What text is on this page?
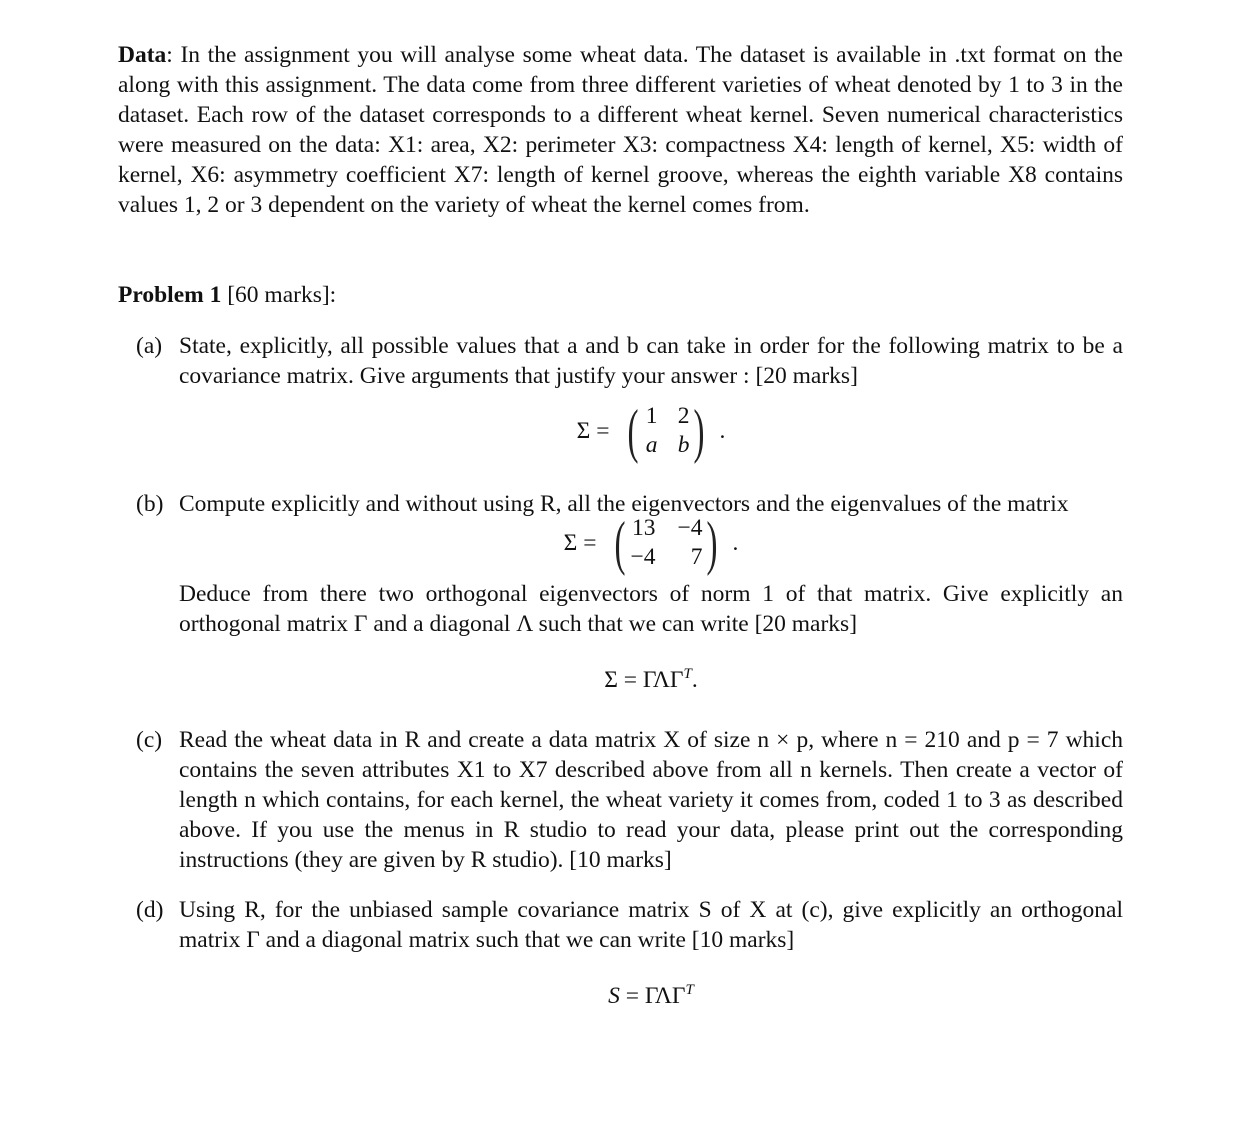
Data: In the assignment you will analyse some wheat data. The dataset is available in .txt format on the along with this assignment. The data come from three different varieties of wheat denoted by 1 to 3 in the dataset. Each row of the dataset corresponds to a different wheat kernel. Seven numerical characteristics were measured on the data: X1: area, X2: perimeter X3: compactness X4: length of kernel, X5: width of kernel, X6: asymmetry coefficient X7: length of kernel groove, whereas the eighth variable X8 contains values 1, 2 or 3 dependent on the variety of wheat the kernel comes from.

Problem 1 [60 marks]:

(a) State, explicitly, all possible values that a and b can take in order for the following matrix to be a covariance matrix. Give arguments that justify your answer : [20 marks]
Σ = ( 1 2
a b ) .
(b) Compute explicitly and without using R, all the eigenvectors and the eigenvalues of the matrix
Σ = ( 13 −4
−4	7 ) .
Deduce from there two orthogonal eigenvectors of norm 1 of that matrix. Give explicitly an orthogonal matrix Γ and a diagonal Λ such that we can write [20 marks]
$\Sigma = \Gamma\Lambda\Gamma^T$.
(c) Read the wheat data in R and create a data matrix X of size n × p, where n = 210 and p = 7 which contains the seven attributes X1 to X7 described above from all n kernels. Then create a vector of length n which contains, for each kernel, the wheat variety it comes from, coded 1 to 3 as described above. If you use the menus in R studio to read your data, please print out the corresponding instructions (they are given by R studio). [10 marks]
(d) Using R, for the unbiased sample covariance matrix S of X at (c), give explicitly an orthogonal matrix Γ and a diagonal matrix such that we can write [10 marks]
$S = \Gamma\Lambda\Gamma^T$
